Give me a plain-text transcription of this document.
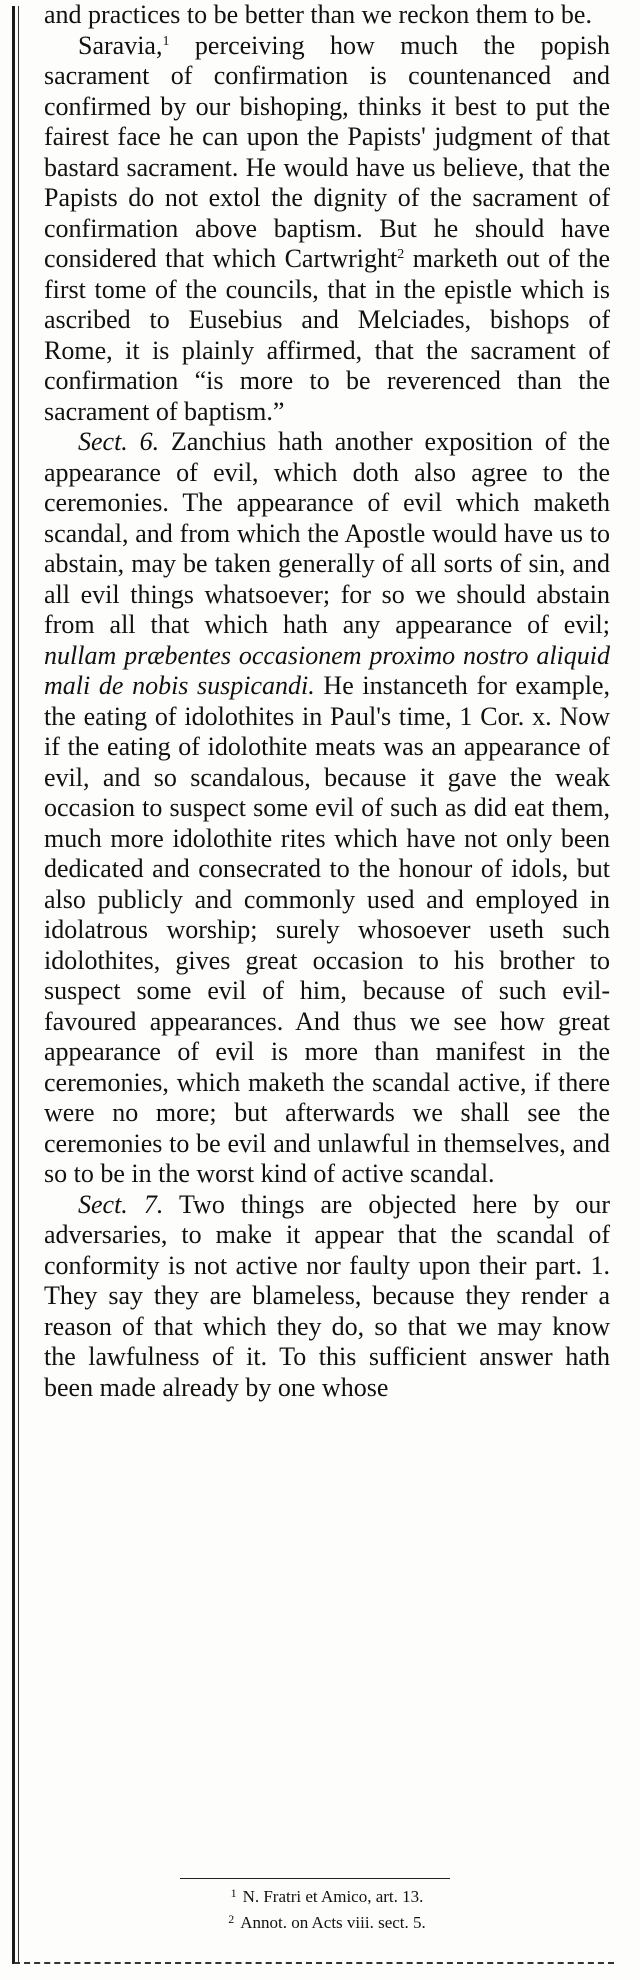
and practices to be better than we reckon them to be.

Saravia,$^1$ perceiving how much the popish sacrament of confirmation is countenanced and confirmed by our bishoping, thinks it best to put the fairest face he can upon the Papists' judgment of that bastard sacrament. He would have us believe, that the Papists do not extol the dignity of the sacrament of confirmation above baptism. But he should have considered that which Cartwright$^2$ marketh out of the first tome of the councils, that in the epistle which is ascribed to Eusebius and Melciades, bishops of Rome, it is plainly affirmed, that the sacrament of confirmation “is more to be reverenced than the sacrament of baptism.”

Sect. 6. Zanchius hath another exposition of the appearance of evil, which doth also agree to the ceremonies. The appearance of evil which maketh scandal, and from which the Apostle would have us to abstain, may be taken generally of all sorts of sin, and all evil things whatsoever; for so we should abstain from all that which hath any appearance of evil; nullam præbentes occasionem proximo nostro aliquid mali de nobis suspicandi. He instanceth for example, the eating of idolothites in Paul's time, 1 Cor. x. Now if the eating of idolothite meats was an appearance of evil, and so scandalous, because it gave the weak occasion to suspect some evil of such as did eat them, much more idolothite rites which have not only been dedicated and consecrated to the honour of idols, but also publicly and commonly used and employed in idolatrous worship; surely whosoever useth such idolothites, gives great occasion to his brother to suspect some evil of him, because of such evil-favoured appearances. And thus we see how great appearance of evil is more than manifest in the ceremonies, which maketh the scandal active, if there were no more; but afterwards we shall see the ceremonies to be evil and unlawful in themselves, and so to be in the worst kind of active scandal.

Sect. 7. Two things are objected here by our adversaries, to make it appear that the scandal of conformity is not active nor faulty upon their part. 1. They say they are blameless, because they render a reason of that which they do, so that we may know the lawfulness of it. To this sufficient answer hath been made already by one whose

$^1$ N. Fratri et Amico, art. 13.
$^2$ Annot. on Acts viii. sect. 5.
